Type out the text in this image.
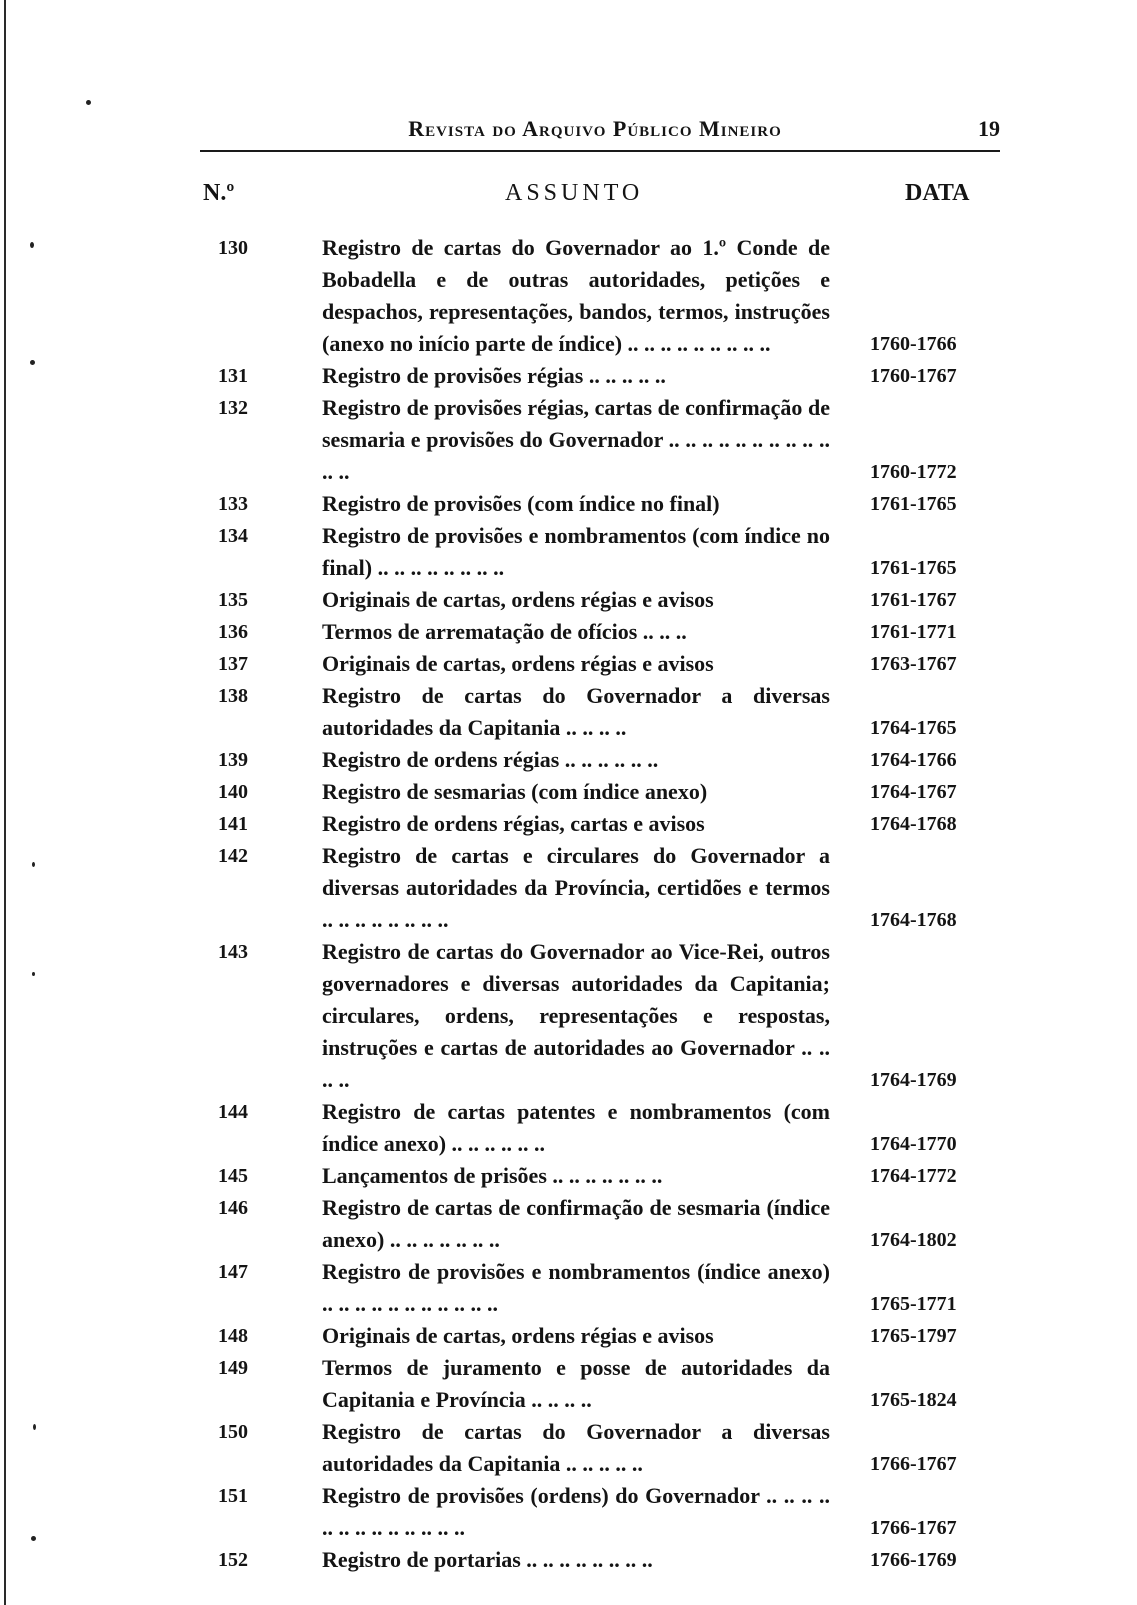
Revista do Arquivo Público Mineiro	19
N.º	ASSUNTO	DATA
130	Registro de cartas do Governador ao 1.º Conde de Bobadella e de outras autoridades, petições e despachos, representações, bandos, termos, instruções (anexo no início parte de índice) .. .. .. .. .. .. .. .. ..	1760-1766
131	Registro de provisões régias .. .. .. .. ..	1760-1767
132	Registro de provisões régias, cartas de confirmação de sesmaria e provisões do Governador .. .. .. .. .. .. .. .. .. .. .. ..	1760-1772
133	Registro de provisões (com índice no final)	1761-1765
134	Registro de provisões e nombramentos (com índice no final) .. .. .. .. .. .. .. ..	1761-1765
135	Originais de cartas, ordens régias e avisos	1761-1767
136	Termos de arrematação de ofícios .. .. ..	1761-1771
137	Originais de cartas, ordens régias e avisos	1763-1767
138	Registro de cartas do Governador a diversas autoridades da Capitania .. .. .. ..	1764-1765
139	Registro de ordens régias .. .. .. .. .. ..	1764-1766
140	Registro de sesmarias (com índice anexo)	1764-1767
141	Registro de ordens régias, cartas e avisos	1764-1768
142	Registro de cartas e circulares do Governador a diversas autoridades da Província, certidões e termos .. .. .. .. .. .. .. ..	1764-1768
143	Registro de cartas do Governador ao Vice-Rei, outros governadores e diversas autoridades da Capitania; circulares, ordens, representações e respostas, instruções e cartas de autoridades ao Governador .. .. .. ..	1764-1769
144	Registro de cartas patentes e nombramentos (com índice anexo) .. .. .. .. .. ..	1764-1770
145	Lançamentos de prisões .. .. .. .. .. .. ..	1764-1772
146	Registro de cartas de confirmação de sesmaria (índice anexo) .. .. .. .. .. .. ..	1764-1802
147	Registro de provisões e nombramentos (índice anexo) .. .. .. .. .. .. .. .. .. .. ..	1765-1771
148	Originais de cartas, ordens régias e avisos	1765-1797
149	Termos de juramento e posse de autoridades da Capitania e Província .. .. .. ..	1765-1824
150	Registro de cartas do Governador a diversas autoridades da Capitania .. .. .. .. ..	1766-1767
151	Registro de provisões (ordens) do Governador .. .. .. .. .. .. .. .. .. .. .. .. ..	1766-1767
152	Registro de portarias .. .. .. .. .. .. .. ..	1766-1769
